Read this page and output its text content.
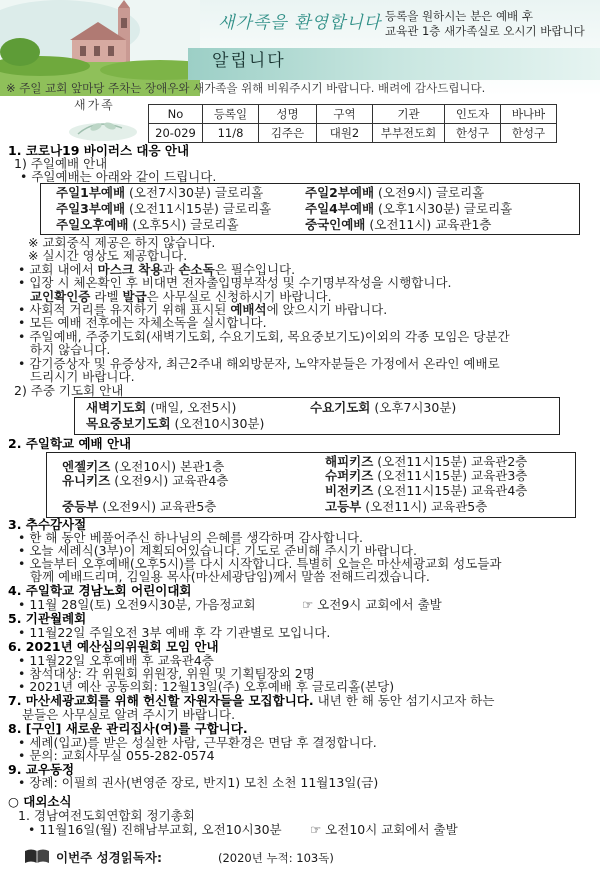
새가족을 환영합니다 등록을 원하시는 분은 예배 후
교육관 1층 새가족실로 오시기 바랍니다
알립니다
※ 주일 교회 앞마당 주차는 장애우와 새가족을 위해 비워주시기 바랍니다. 배려에 감사드립니다.
새가족
No	등록일	성명	구역	기관	인도자	바나바
20-029	11/8	김주은	대원2	부부전도회	한성구	한성구
1. 코로나19 바이러스 대응 안내
1) 주일예배 안내
• 주일예배는 아래와 같이 드립니다.
주일1부예배 (오전7시30분) 글로리홀	주일2부예배 (오전9시) 글로리홀
주일3부예배 (오전11시15분) 글로리홀	주일4부예배 (오후1시30분) 글로리홀
주일오후예배 (오후5시) 글로리홀	중국인예배 (오전11시) 교육관1층
※ 교회중식 제공은 하지 않습니다.
※ 실시간 영상도 제공합니다.
• 교회 내에서 마스크 착용과 손소독은 필수입니다.
• 입장 시 체온확인 후 비대면 전자출입명부작성 및 수기명부작성을 시행합니다.
교인확인증 라벨 발급은 사무실로 신청하시기 바랍니다.
• 사회적 거리를 유지하기 위해 표시된 예배석에 앉으시기 바랍니다.
• 모든 예배 전후에는 자체소독을 실시합니다.
• 주일예배, 주중기도회(새벽기도회, 수요기도회, 목요중보기도)이외의 각종 모임은 당분간
하지 않습니다.
• 감기증상자 및 유증상자, 최근2주내 해외방문자, 노약자분들은 가정에서 온라인 예배로
드리시기 바랍니다.
2) 주중 기도회 안내
새벽기도회 (매일, 오전5시)	수요기도회 (오후7시30분)
목요중보기도회 (오전10시30분)
2. 주일학교 예배 안내
엔젤키즈 (오전10시) 본관1층
유니키즈 (오전9시) 교육관4층
중등부 (오전9시) 교육관5층
해피키즈 (오전11시15분) 교육관2층
슈퍼키즈 (오전11시15분) 교육관3층
비전키즈 (오전11시15분) 교육관4층
고등부 (오전11시) 교육관5층
3. 추수감사절
• 한 해 동안 베풀어주신 하나님의 은혜를 생각하며 감사합니다.
• 오늘 세례식(3부)이 계획되어있습니다. 기도로 준비해 주시기 바랍니다.
• 오늘부터 오후예배(오후5시)를 다시 시작합니다. 특별히 오늘은 마산세광교회 성도들과
함께 예배드리며, 김일용 목사(마산세광담임)께서 말씀 전해드리겠습니다.
4. 주일학교 경남노회 어린이대회
• 11월 28일(토) 오전9시30분, 가음정교회	☞ 오전9시 교회에서 출발
5. 기관월례회
• 11월22일 주일오전 3부 예배 후 각 기관별로 모입니다.
6. 2021년 예산심의위원회 모임 안내
• 11월22일 오후예배 후 교육관4층
• 참석대상: 각 위원회 위원장, 위원 및 기획팀장외 2명
• 2021년 예산 공동의회: 12월13일(주) 오후예배 후 글로리홀(본당)
7. 마산세광교회를 위해 헌신할 자원자들을 모집합니다. 내년 한 해 동안 섬기시고자 하는
분들은 사무실로 알려 주시기 바랍니다.
8. [구인] 새로운 관리집사(여)를 구합니다.
• 세례(입교)를 받은 성실한 사람, 근무환경은 면담 후 결정합니다.
• 문의: 교회사무실 055-282-0574
9. 교우동정
• 장례: 이필희 권사(변영준 장로, 반지1) 모친 소천 11월13일(금)
○ 대외소식
1. 경남여전도회연합회 정기총회
• 11월16일(월) 진해남부교회, 오전10시30분 ☞ 오전10시 교회에서 출발
이번주 성경읽독자:	(2020년 누적: 103독)
